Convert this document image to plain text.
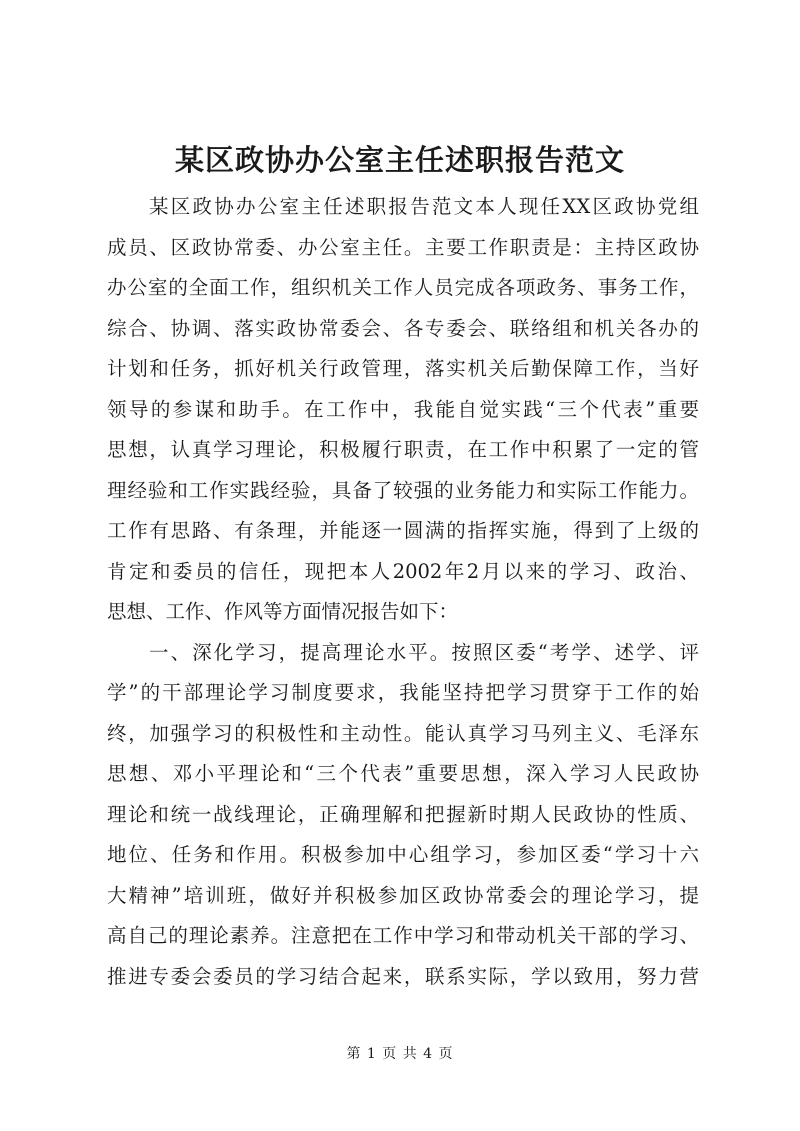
某区政协办公室主任述职报告范文
某区政协办公室主任述职报告范文本人现任XX区政协党组
成员、区政协常委、办公室主任。主要工作职责是：主持区政协
办公室的全面工作，组织机关工作人员完成各项政务、事务工作，
综合、协调、落实政协常委会、各专委会、联络组和机关各办的
计划和任务，抓好机关行政管理，落实机关后勤保障工作，当好
领导的参谋和助手。在工作中，我能自觉实践“三个代表”重要
思想，认真学习理论，积极履行职责，在工作中积累了一定的管
理经验和工作实践经验，具备了较强的业务能力和实际工作能力。
工作有思路、有条理，并能逐一圆满的指挥实施，得到了上级的
肯定和委员的信任，现把本人2002年2月以来的学习、政治、
思想、工作、作风等方面情况报告如下：
一、深化学习，提高理论水平。按照区委“考学、述学、评
学”的干部理论学习制度要求，我能坚持把学习贯穿于工作的始
终，加强学习的积极性和主动性。能认真学习马列主义、毛泽东
思想、邓小平理论和“三个代表”重要思想，深入学习人民政协
理论和统一战线理论，正确理解和把握新时期人民政协的性质、
地位、任务和作用。积极参加中心组学习，参加区委“学习十六
大精神”培训班，做好并积极参加区政协常委会的理论学习，提
高自己的理论素养。注意把在工作中学习和带动机关干部的学习、
推进专委会委员的学习结合起来，联系实际，学以致用，努力营
第 1 页 共 4 页
